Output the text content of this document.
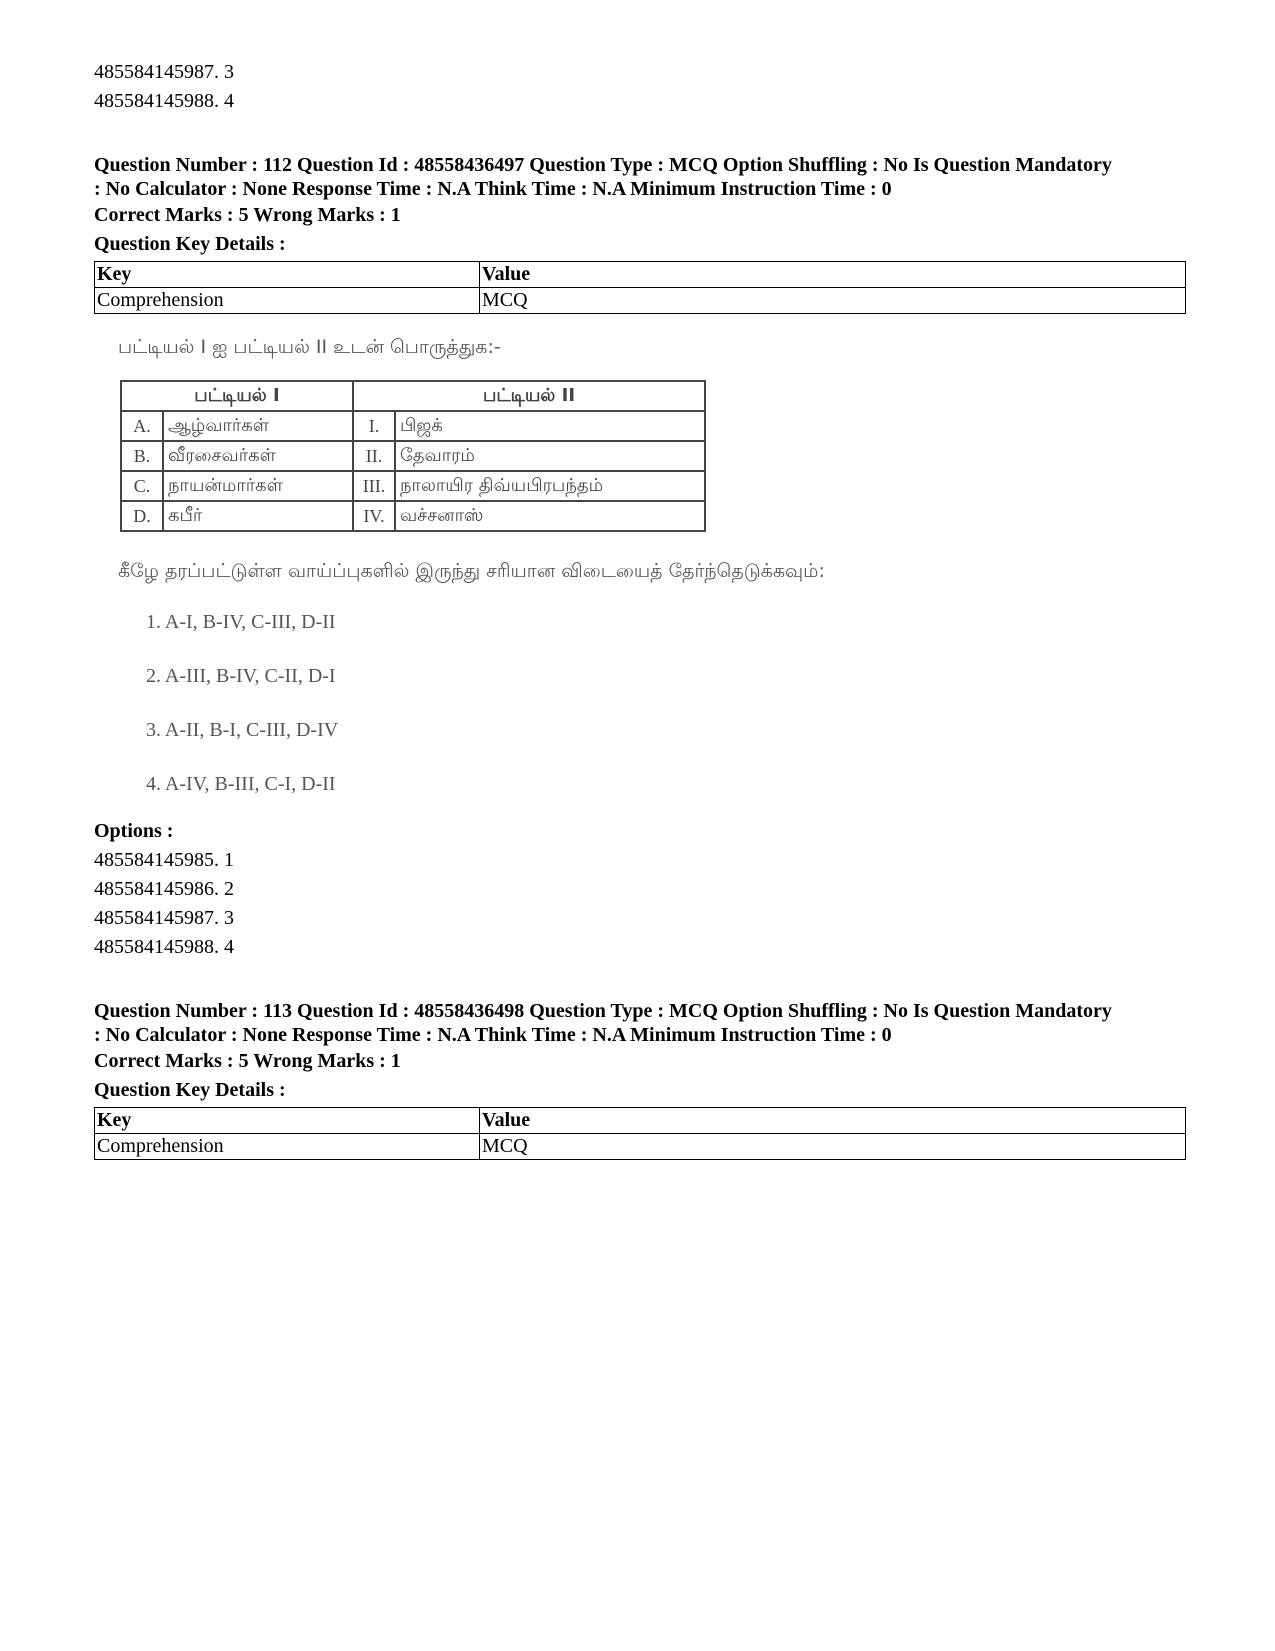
485584145987. 3

485584145988. 4

Question Number : 112 Question Id : 48558436497 Question Type : MCQ Option Shuffling : No Is Question Mandatory

: No Calculator : None Response Time : N.A Think Time : N.A Minimum Instruction Time : 0

Correct Marks : 5 Wrong Marks : 1

Question Key Details :

Key	Value
Comprehension	MCQ

பட்டியல் I ஐ பட்டியல் II உடன் பொருத்துக:-

பட்டியல் I		பட்டியல் II	
A.	ஆழ்வார்கள்	I.	பிஜக்
B.	வீரசைவர்கள்	II.	தேவாரம்
C.	நாயன்மார்கள்	III.	நாலாயிர திவ்யபிரபந்தம்
D.	கபீர்	IV.	வச்சனாஸ்

கீழே தரப்பட்டுள்ள வாய்ப்புகளில் இருந்து சரியான விடையைத் தேர்ந்தெடுக்கவும்:

1. A-I, B-IV, C-III, D-II

2. A-III, B-IV, C-II, D-I

3. A-II, B-I, C-III, D-IV

4. A-IV, B-III, C-I, D-II

Options :

485584145985. 1

485584145986. 2

485584145987. 3

485584145988. 4

Question Number : 113 Question Id : 48558436498 Question Type : MCQ Option Shuffling : No Is Question Mandatory

: No Calculator : None Response Time : N.A Think Time : N.A Minimum Instruction Time : 0

Correct Marks : 5 Wrong Marks : 1

Question Key Details :

Key	Value
Comprehension	MCQ
